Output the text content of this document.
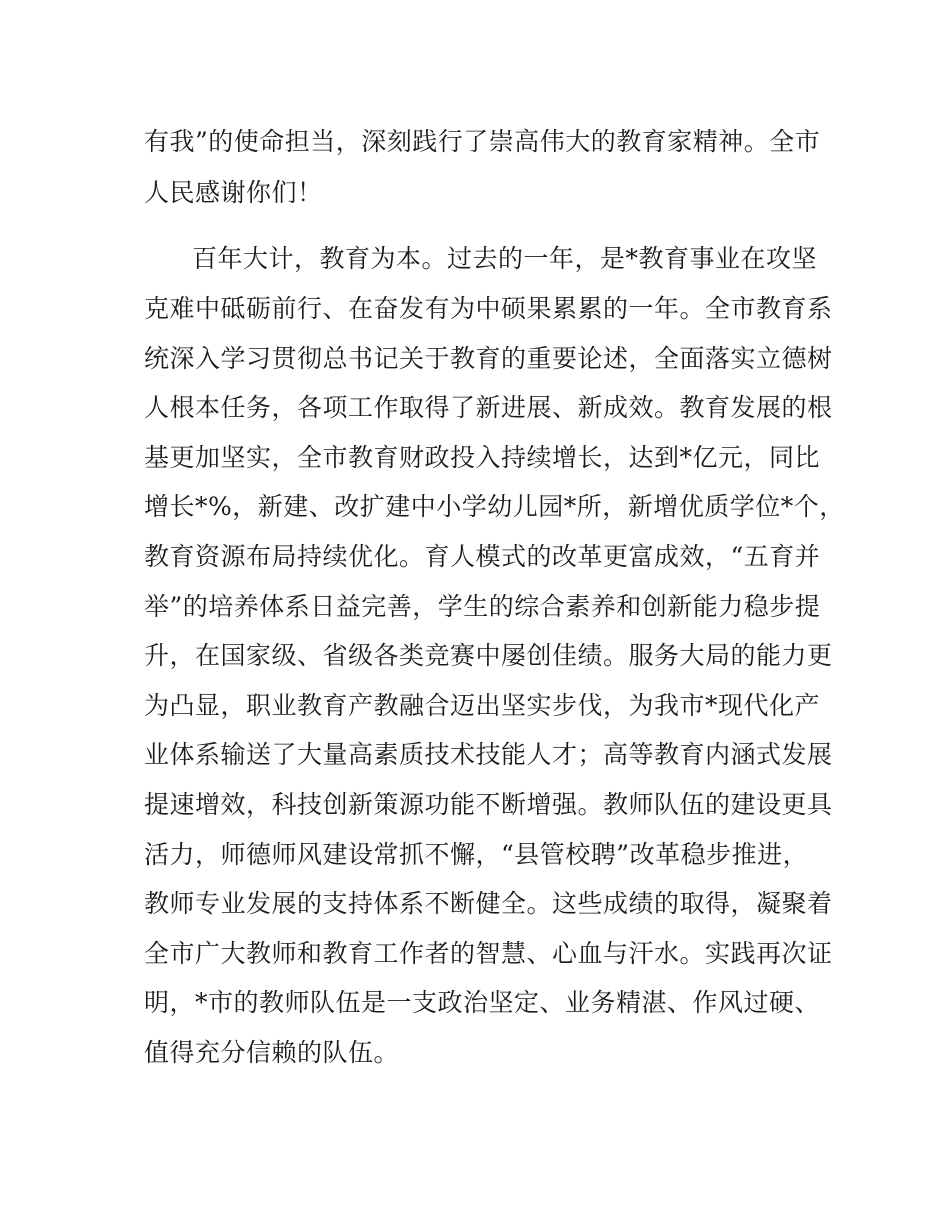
有我”的使命担当，深刻践行了崇高伟大的教育家精神。全市
人民感谢你们！
百年大计，教育为本。过去的一年，是*教育事业在攻坚
克难中砥砺前行、在奋发有为中硕果累累的一年。全市教育系
统深入学习贯彻总书记关于教育的重要论述，全面落实立德树
人根本任务，各项工作取得了新进展、新成效。教育发展的根
基更加坚实，全市教育财政投入持续增长，达到*亿元，同比
增长*%，新建、改扩建中小学幼儿园*所，新增优质学位*个，
教育资源布局持续优化。育人模式的改革更富成效，“五育并
举”的培养体系日益完善，学生的综合素养和创新能力稳步提
升，在国家级、省级各类竞赛中屡创佳绩。服务大局的能力更
为凸显，职业教育产教融合迈出坚实步伐，为我市*现代化产
业体系输送了大量高素质技术技能人才；高等教育内涵式发展
提速增效，科技创新策源功能不断增强。教师队伍的建设更具
活力，师德师风建设常抓不懈，“县管校聘”改革稳步推进，
教师专业发展的支持体系不断健全。这些成绩的取得，凝聚着
全市广大教师和教育工作者的智慧、心血与汗水。实践再次证
明，*市的教师队伍是一支政治坚定、业务精湛、作风过硬、
值得充分信赖的队伍。
